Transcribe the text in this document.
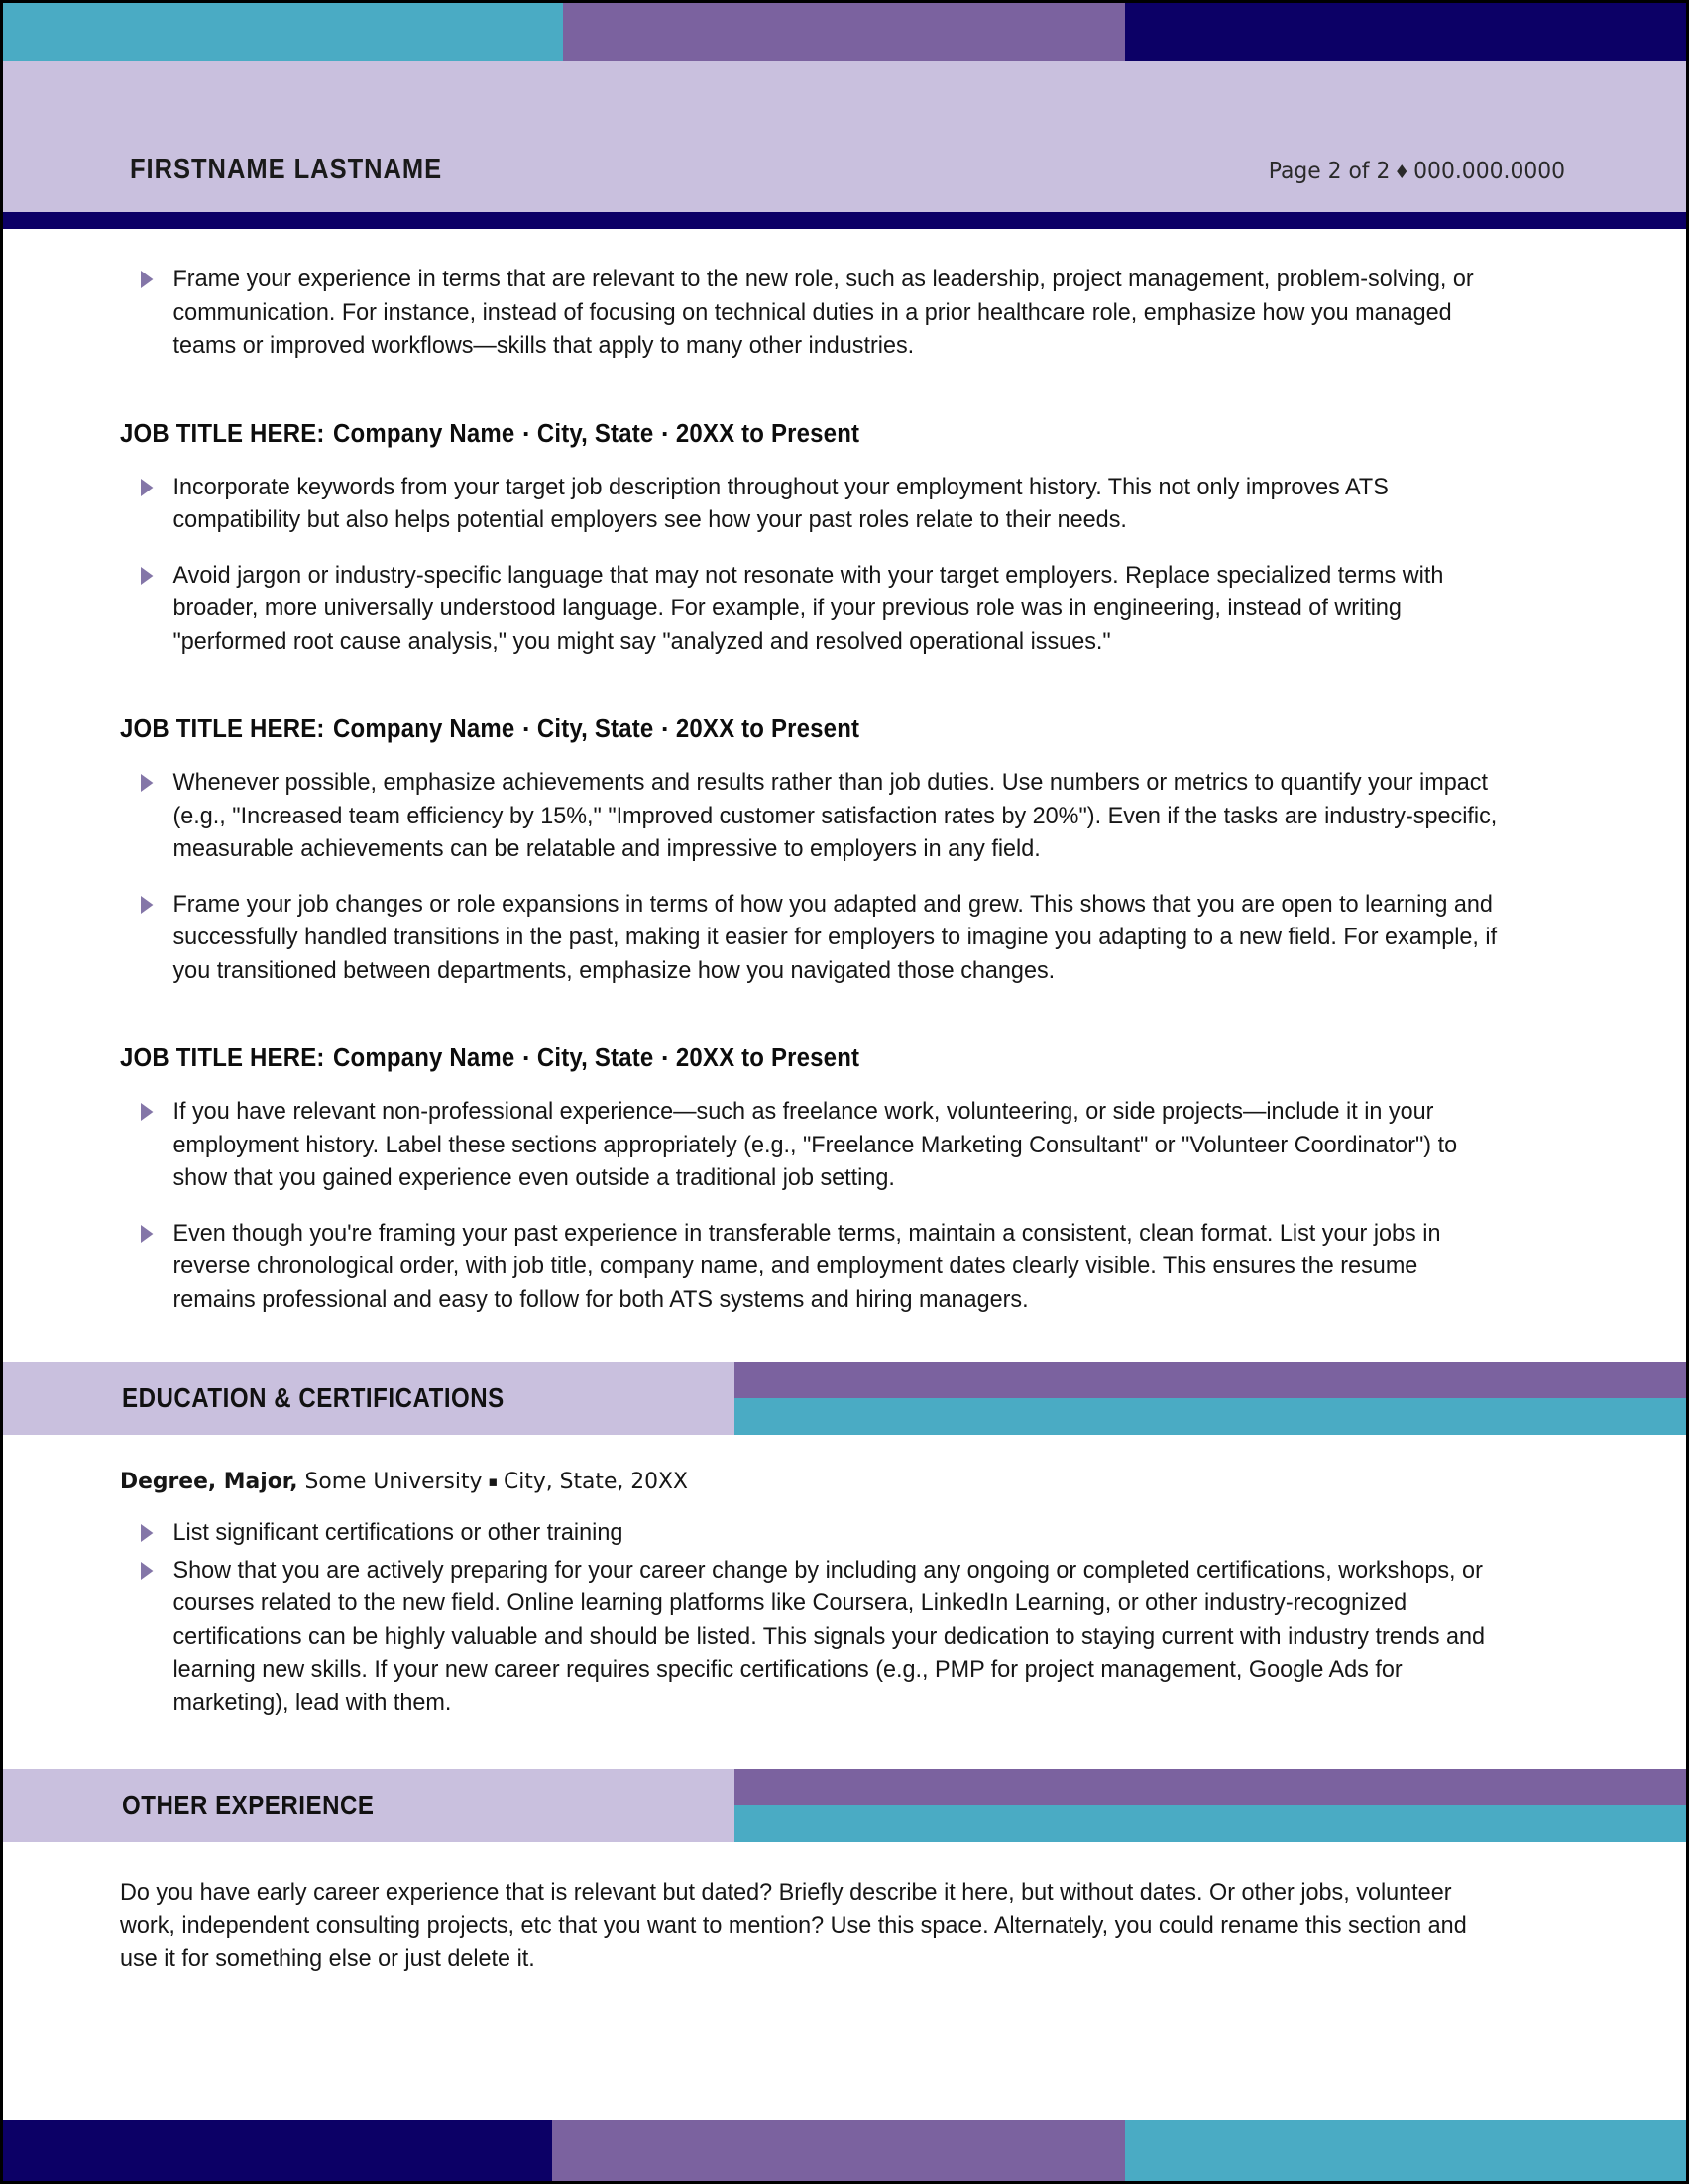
FIRSTNAME LASTNAME	Page 2 of 2 ♦ 000.000.0000
Frame your experience in terms that are relevant to the new role, such as leadership, project management, problem-solving, or communication. For instance, instead of focusing on technical duties in a prior healthcare role, emphasize how you managed teams or improved workflows—skills that apply to many other industries.

JOB TITLE HERE: Company Name ▪ City, State ▪ 20XX to Present

Incorporate keywords from your target job description throughout your employment history. This not only improves ATS compatibility but also helps potential employers see how your past roles relate to their needs.
Avoid jargon or industry-specific language that may not resonate with your target employers. Replace specialized terms with broader, more universally understood language. For example, if your previous role was in engineering, instead of writing "performed root cause analysis," you might say "analyzed and resolved operational issues."

JOB TITLE HERE: Company Name ▪ City, State ▪ 20XX to Present

Whenever possible, emphasize achievements and results rather than job duties. Use numbers or metrics to quantify your impact (e.g., "Increased team efficiency by 15%," "Improved customer satisfaction rates by 20%"). Even if the tasks are industry-specific, measurable achievements can be relatable and impressive to employers in any field.
Frame your job changes or role expansions in terms of how you adapted and grew. This shows that you are open to learning and successfully handled transitions in the past, making it easier for employers to imagine you adapting to a new field. For example, if you transitioned between departments, emphasize how you navigated those changes.

JOB TITLE HERE: Company Name ▪ City, State ▪ 20XX to Present

If you have relevant non-professional experience—such as freelance work, volunteering, or side projects—include it in your employment history. Label these sections appropriately (e.g., "Freelance Marketing Consultant" or "Volunteer Coordinator") to show that you gained experience even outside a traditional job setting.
Even though you're framing your past experience in transferable terms, maintain a consistent, clean format. List your jobs in reverse chronological order, with job title, company name, and employment dates clearly visible. This ensures the resume remains professional and easy to follow for both ATS systems and hiring managers.
EDUCATION & CERTIFICATIONS

Degree, Major, Some University ▪ City, State, 20XX

List significant certifications or other training
Show that you are actively preparing for your career change by including any ongoing or completed certifications, workshops, or courses related to the new field. Online learning platforms like Coursera, LinkedIn Learning, or other industry-recognized certifications can be highly valuable and should be listed. This signals your dedication to staying current with industry trends and learning new skills. If your new career requires specific certifications (e.g., PMP for project management, Google Ads for marketing), lead with them.
OTHER EXPERIENCE

Do you have early career experience that is relevant but dated? Briefly describe it here, but without dates. Or other jobs, volunteer work, independent consulting projects, etc that you want to mention? Use this space. Alternately, you could rename this section and use it for something else or just delete it.
